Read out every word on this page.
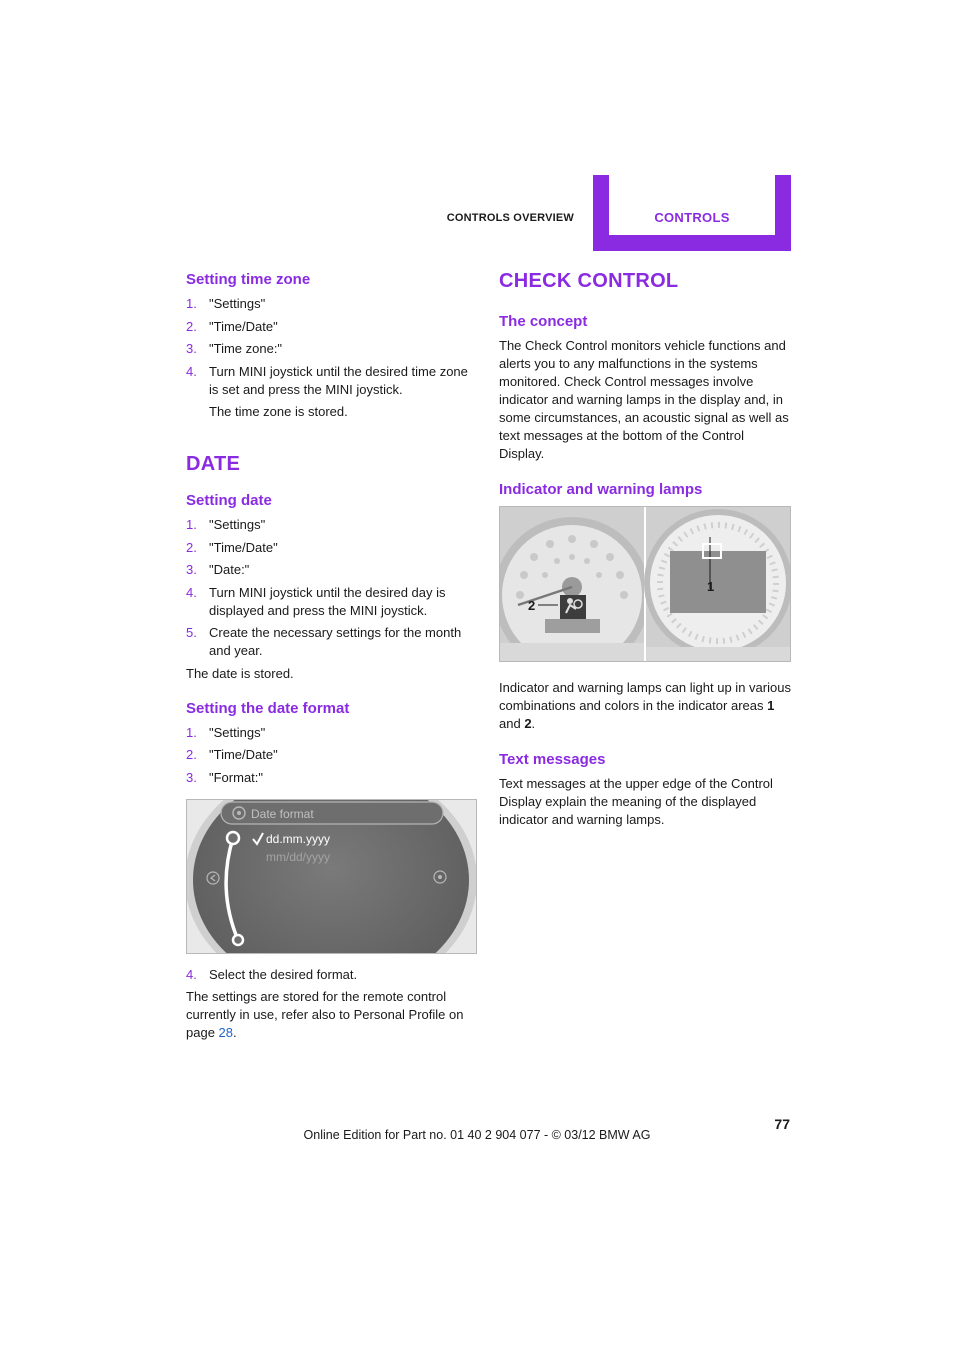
CONTROLS
CONTROLS OVERVIEW
Setting time zone
1. "Settings"
2. "Time/Date"
3. "Time zone:"
4. Turn MINI joystick until the desired time zone is set and press the MINI joystick.

The time zone is stored.

DATE
Setting date
1. "Settings"
2. "Time/Date"
3. "Date:"
4. Turn MINI joystick until the desired day is displayed and press the MINI joystick.
5. Create the necessary settings for the month and year.

The date is stored.

Setting the date format
1. "Settings"
2. "Time/Date"
3. "Format:"
Date format
dd.mm.yyyy
mm/dd/yyyy
4. Select the desired format.

The settings are stored for the remote control currently in use, refer also to Personal Profile on page 28.

CHECK CONTROL
The concept

The Check Control monitors vehicle functions and alerts you to any malfunctions in the systems monitored. Check Control messages involve indicator and warning lamps in the display and, in some circumstances, an acoustic signal as well as text messages at the bottom of the Control Display.

Indicator and warning lamps
2
1

Indicator and warning lamps can light up in various combinations and colors in the indicator areas 1 and 2.

Text messages

Text messages at the upper edge of the Control Display explain the meaning of the displayed indicator and warning lamps.

77
Online Edition for Part no. 01 40 2 904 077 - © 03/12 BMW AG
